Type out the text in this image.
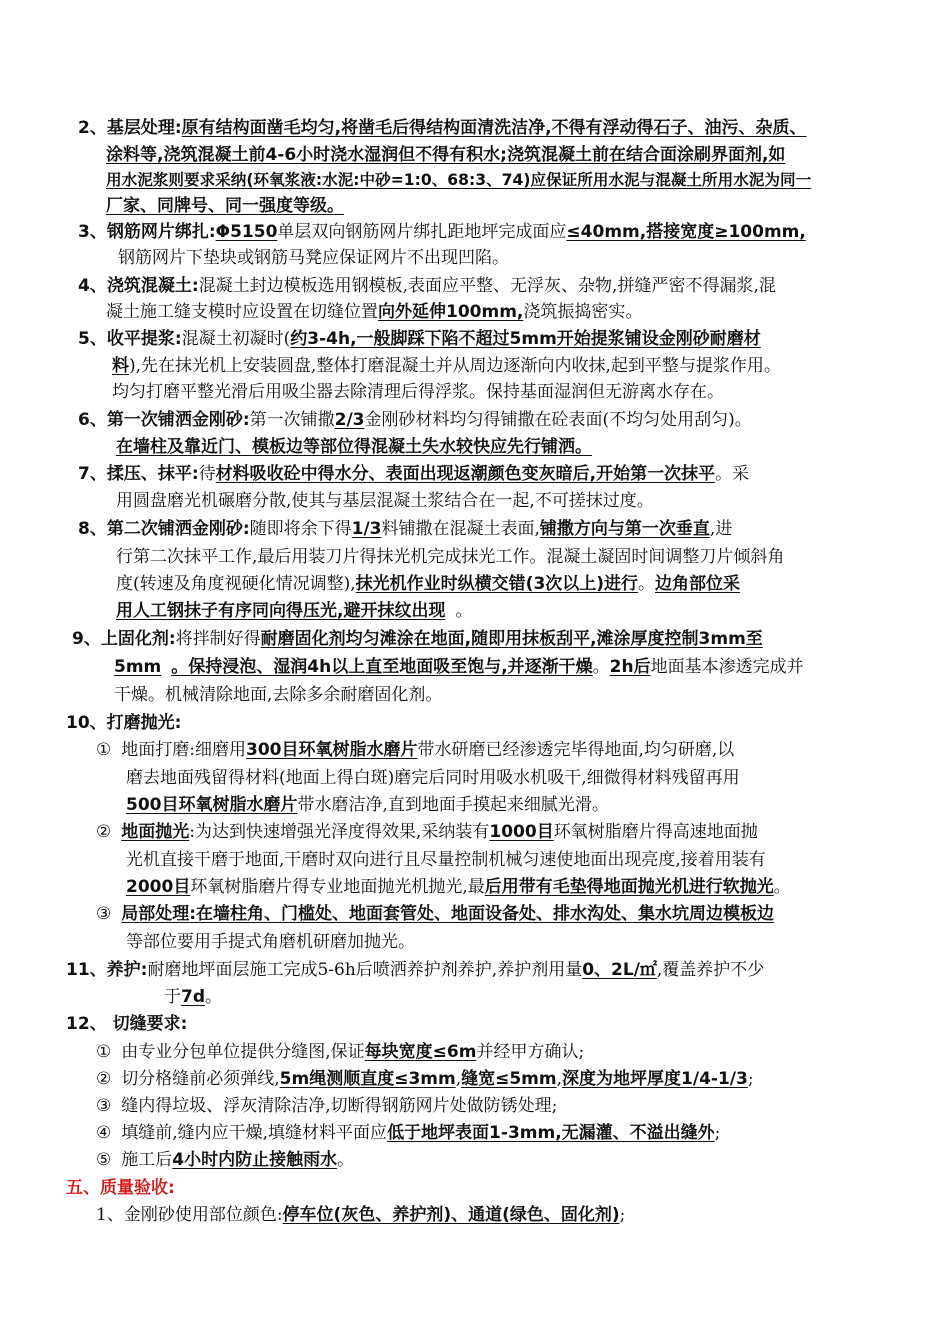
2、基层处理:原有结构面凿毛均匀,将凿毛后得结构面清洗洁净,不得有浮动得石子、油污、杂质、
涂料等,浇筑混凝土前4-6小时浇水湿润但不得有积水;浇筑混凝土前在结合面涂刷界面剂,如
用水泥浆则要求采纳(环氧浆液:水泥:中砂=1:0、68:3、74)应保证所用水泥与混凝土所用水泥为同一
厂家、同牌号、同一强度等级。
3、钢筋网片绑扎:Φ5150单层双向钢筋网片绑扎距地坪完成面应≤40mm,搭接宽度≥100mm,
钢筋网片下垫块或钢筋马凳应保证网片不出现凹陷。
4、浇筑混凝土:混凝土封边模板选用钢模板,表面应平整、无浮灰、杂物,拼缝严密不得漏浆,混
凝土施工缝支模时应设置在切缝位置向外延伸100mm,浇筑振捣密实。
5、收平提浆:混凝土初凝时(约3-4h,一般脚踩下陷不超过5mm开始提浆铺设金刚砂耐磨材
料),先在抹光机上安装圆盘,整体打磨混凝土并从周边逐渐向内收抹,起到平整与提浆作用。
均匀打磨平整光滑后用吸尘器去除清理后得浮浆。保持基面湿润但无游离水存在。
6、第一次铺洒金刚砂:第一次铺撒2/3金刚砂材料均匀得铺撒在砼表面(不均匀处用刮匀)。
在墙柱及靠近门、模板边等部位得混凝土失水较快应先行铺洒。
7、揉压、抹平:待材料吸收砼中得水分、表面出现返潮颜色变灰暗后,开始第一次抹平。采
用圆盘磨光机碾磨分散,使其与基层混凝土浆结合在一起,不可搓抹过度。
8、第二次铺洒金刚砂:随即将余下得1/3料铺撒在混凝土表面,铺撒方向与第一次垂直,进
行第二次抹平工作,最后用装刀片得抹光机完成抹光工作。混凝土凝固时间调整刀片倾斜角
度(转速及角度视硬化情况调整),抹光机作业时纵横交错(3次以上)进行。边角部位采
用人工钢抹子有序同向得压光,避开抹纹出现 。
9、上固化剂:将拌制好得耐磨固化剂均匀滩涂在地面,随即用抹板刮平,滩涂厚度控制3mm至
5mm 。保持浸泡、湿润4h以上直至地面吸至饱与,并逐渐干燥。2h后地面基本渗透完成并
干燥。机械清除地面,去除多余耐磨固化剂。
10、打磨抛光:
① 地面打磨:细磨用300目环氧树脂水磨片带水研磨已经渗透完毕得地面,均匀研磨,以
磨去地面残留得材料(地面上得白斑)磨完后同时用吸水机吸干,细微得材料残留再用
500目环氧树脂水磨片带水磨洁净,直到地面手摸起来细腻光滑。
② 地面抛光:为达到快速增强光泽度得效果,采纳装有1000目环氧树脂磨片得高速地面抛
光机直接干磨于地面,干磨时双向进行且尽量控制机械匀速使地面出现亮度,接着用装有
2000目环氧树脂磨片得专业地面抛光机抛光,最后用带有毛垫得地面抛光机进行软抛光。
③ 局部处理:在墙柱角、门槛处、地面套管处、地面设备处、排水沟处、集水坑周边模板边
等部位要用手提式角磨机研磨加抛光。
11、养护:耐磨地坪面层施工完成5-6h后喷洒养护剂养护,养护剂用量0、2L/㎡,覆盖养护不少
于7d。
12、 切缝要求:
① 由专业分包单位提供分缝图,保证每块宽度≤6m并经甲方确认;
② 切分格缝前必须弹线,5m绳测顺直度≤3mm,缝宽≤5mm,深度为地坪厚度1/4-1/3;
③ 缝内得垃圾、浮灰清除洁净,切断得钢筋网片处做防锈处理;
④ 填缝前,缝内应干燥,填缝材料平面应低于地坪表面1-3mm,无漏灌、不溢出缝外;
⑤ 施工后4小时内防止接触雨水。
五、质量验收:
1、金刚砂使用部位颜色:停车位(灰色、养护剂)、通道(绿色、固化剂);
